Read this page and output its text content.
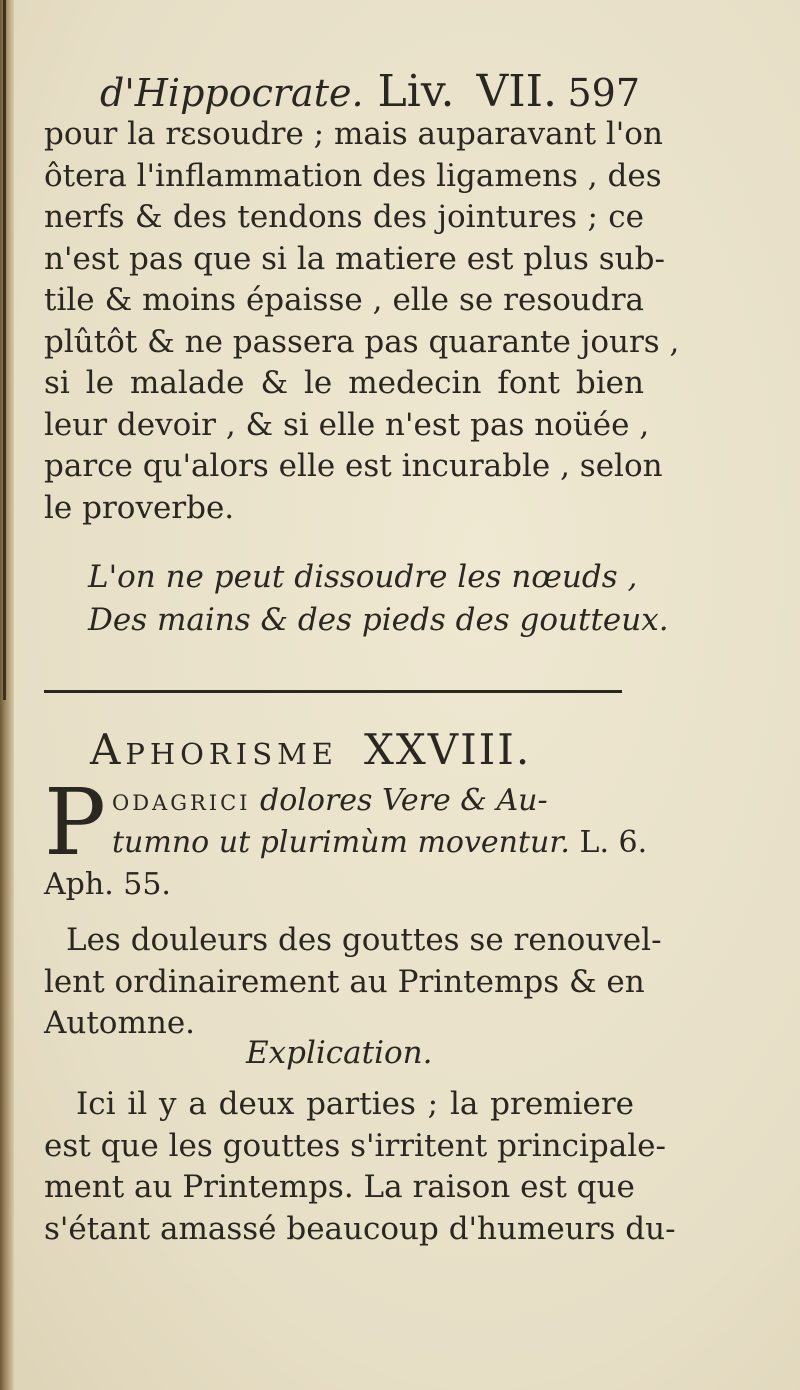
d'Hippocrate. Liv. VII. 597
pour la rεsoudre ; mais auparavant l'on
ôtera l'inflammation des ligamens , des
nerfs & des tendons des jointures ; ce
n'est pas que si la matiere est plus sub-
tile & moins épaisse , elle se resoudra
plûtôt & ne passera pas quarante jours ,
si le malade & le medecin font bien
leur devoir , & si elle n'est pas noüée ,
parce qu'alors elle est incurable , selon
le proverbe.
L'on ne peut dissoudre les nœuds ,
Des mains & des pieds des goutteux.
Aphorisme XXVIII.
P odagrici dolores Vere & Au-
tumno ut plurimùm moventur. L. 6.
Aph. 55.
Les douleurs des gouttes se renouvel-
lent ordinairement au Printemps & en
Automne.
Explication.
Ici il y a deux parties ; la premiere
est que les gouttes s'irritent principale-
ment au Printemps. La raison est que
s'étant amassé beaucoup d'humeurs du-
